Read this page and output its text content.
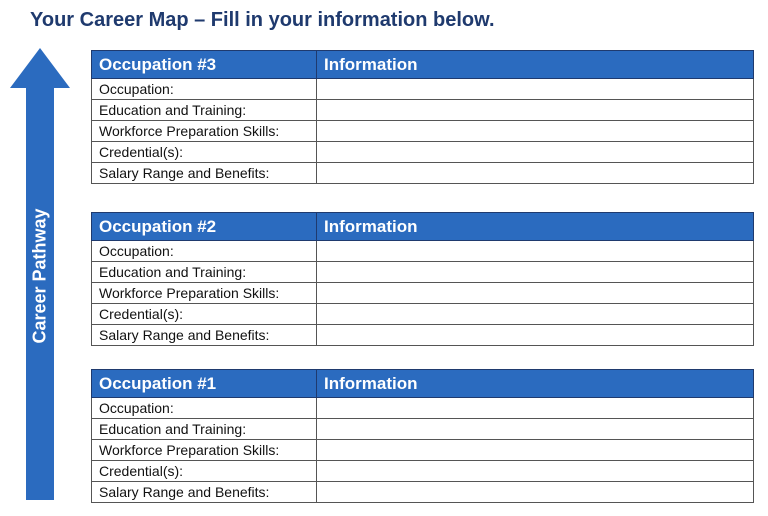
Your Career Map – Fill in your information below.
Career Pathway
Occupation #3	Information
Occupation:	
Education and Training:	
Workforce Preparation Skills:	
Credential(s):	
Salary Range and Benefits:	
Occupation #2	Information
Occupation:	
Education and Training:	
Workforce Preparation Skills:	
Credential(s):	
Salary Range and Benefits:	
Occupation #1	Information
Occupation:	
Education and Training:	
Workforce Preparation Skills:	
Credential(s):	
Salary Range and Benefits:	
